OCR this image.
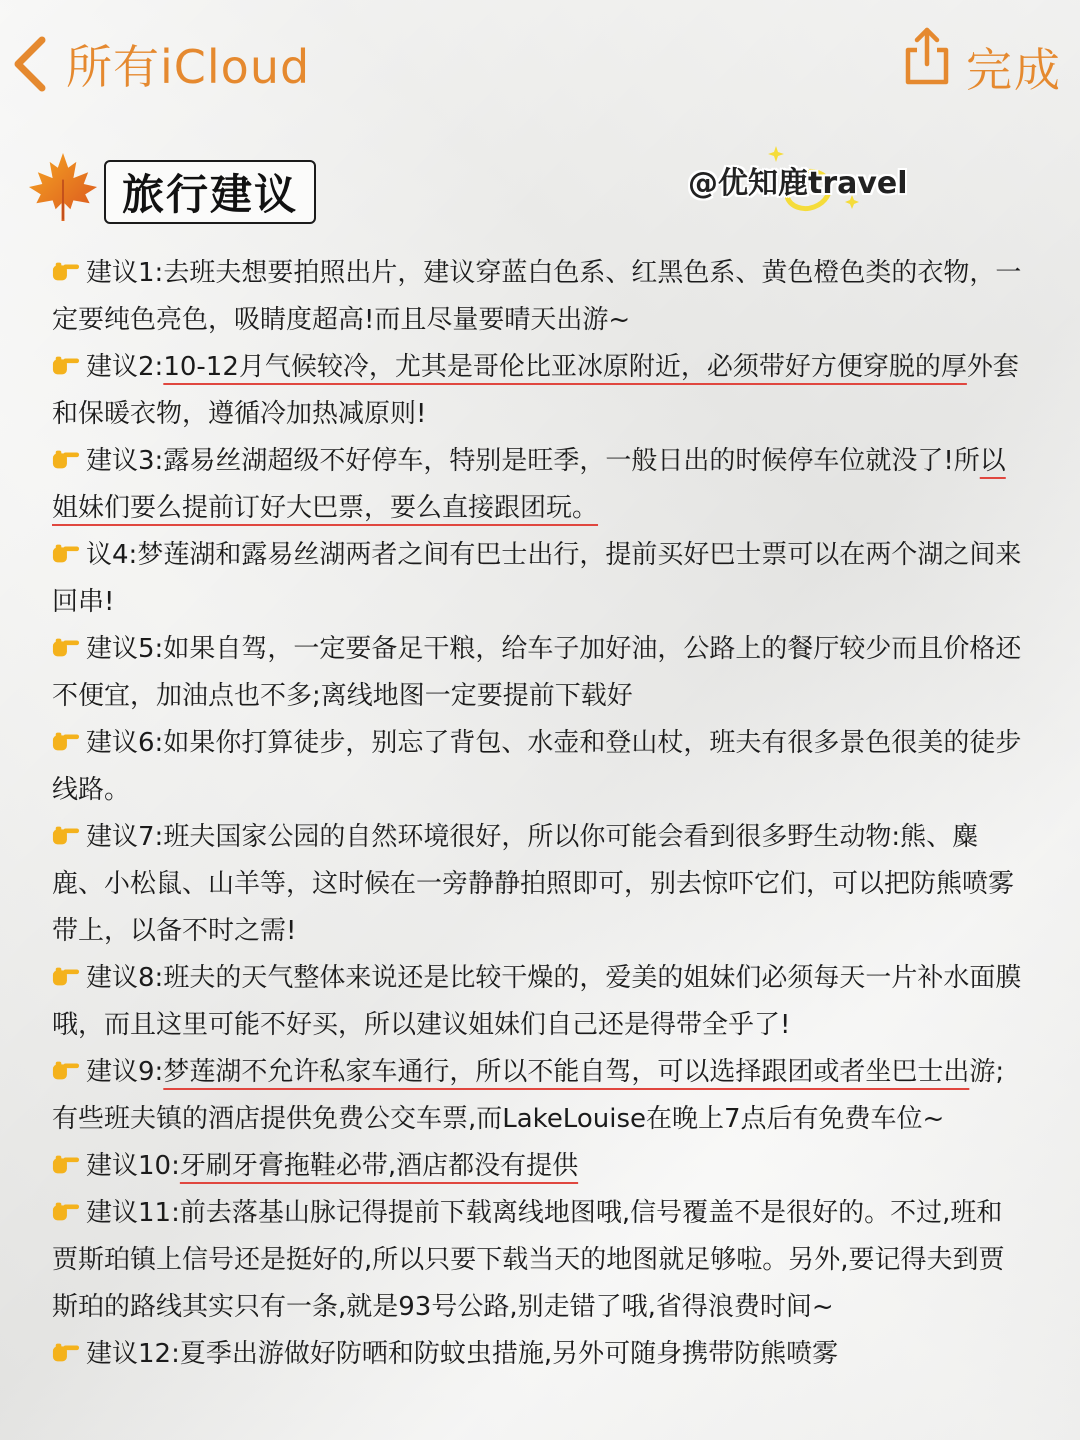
所有iCloud	完成
旅行建议	@优知鹿travel

建议1:去班夫想要拍照出片，建议穿蓝白色系、红黑色系、黄色橙色类的衣物，一定要纯色亮色，吸睛度超高!而且尽量要晴天出游~

建议2:10-12月气候较冷，尤其是哥伦比亚冰原附近，必须带好方便穿脱的厚外套和保暖衣物，遵循冷加热减原则!

建议3:露易丝湖超级不好停车，特别是旺季，一般日出的时候停车位就没了!所以姐妹们要么提前订好大巴票，要么直接跟团玩。

议4:梦莲湖和露易丝湖两者之间有巴士出行，提前买好巴士票可以在两个湖之间来回串!

建议5:如果自驾，一定要备足干粮，给车子加好油，公路上的餐厅较少而且价格还不便宜，加油点也不多;离线地图一定要提前下载好

建议6:如果你打算徒步，别忘了背包、水壶和登山杖，班夫有很多景色很美的徒步线路。

建议7:班夫国家公园的自然环境很好，所以你可能会看到很多野生动物:熊、麋鹿、小松鼠、山羊等，这时候在一旁静静拍照即可，别去惊吓它们，可以把防熊喷雾带上，以备不时之需!

建议8:班夫的天气整体来说还是比较干燥的，爱美的姐妹们必须每天一片补水面膜哦，而且这里可能不好买，所以建议姐妹们自己还是得带全乎了!

建议9:梦莲湖不允许私家车通行，所以不能自驾，可以选择跟团或者坐巴士出游;有些班夫镇的酒店提供免费公交车票,而LakeLouise在晚上7点后有免费车位~

建议10:牙刷牙膏拖鞋必带,酒店都没有提供

建议11:前去落基山脉记得提前下载离线地图哦,信号覆盖不是很好的。不过,班和贾斯珀镇上信号还是挺好的,所以只要下载当天的地图就足够啦。另外,要记得夫到贾斯珀的路线其实只有一条,就是93号公路,别走错了哦,省得浪费时间~

建议12:夏季出游做好防晒和防蚊虫措施,另外可随身携带防熊喷雾
